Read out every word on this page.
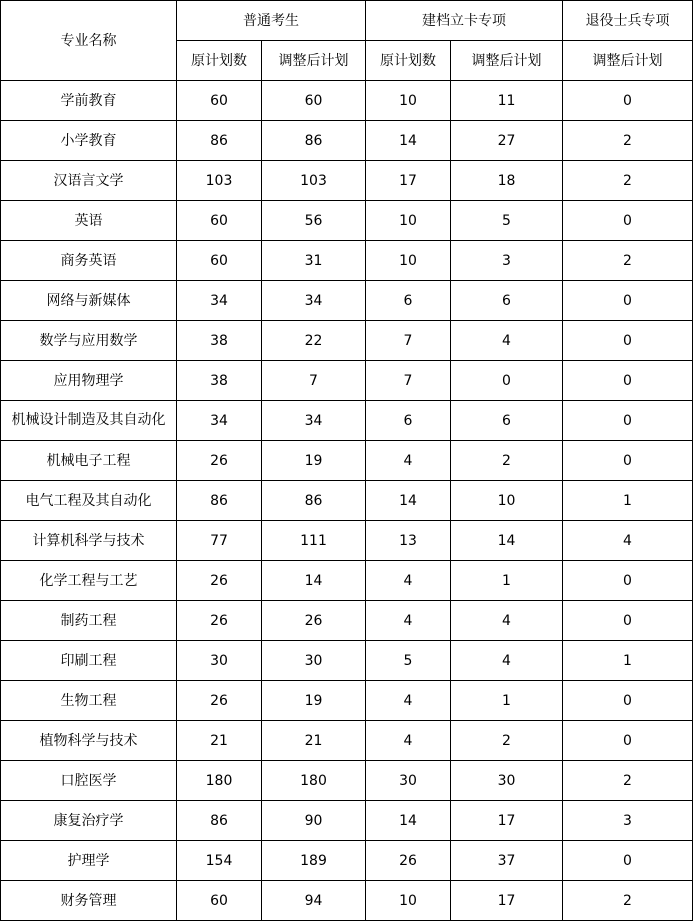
专业名称	普通考生		建档立卡专项		退役士兵专项
	原计划数	调整后计划	原计划数	调整后计划	调整后计划
学前教育	60	60	10	11	0
小学教育	86	86	14	27	2
汉语言文学	103	103	17	18	2
英语	60	56	10	5	0
商务英语	60	31	10	3	2
网络与新媒体	34	34	6	6	0
数学与应用数学	38	22	7	4	0
应用物理学	38	7	7	0	0
机械设计制造及其自动化	34	34	6	6	0
机械电子工程	26	19	4	2	0
电气工程及其自动化	86	86	14	10	1
计算机科学与技术	77	111	13	14	4
化学工程与工艺	26	14	4	1	0
制药工程	26	26	4	4	0
印刷工程	30	30	5	4	1
生物工程	26	19	4	1	0
植物科学与技术	21	21	4	2	0
口腔医学	180	180	30	30	2
康复治疗学	86	90	14	17	3
护理学	154	189	26	37	0
财务管理	60	94	10	17	2
